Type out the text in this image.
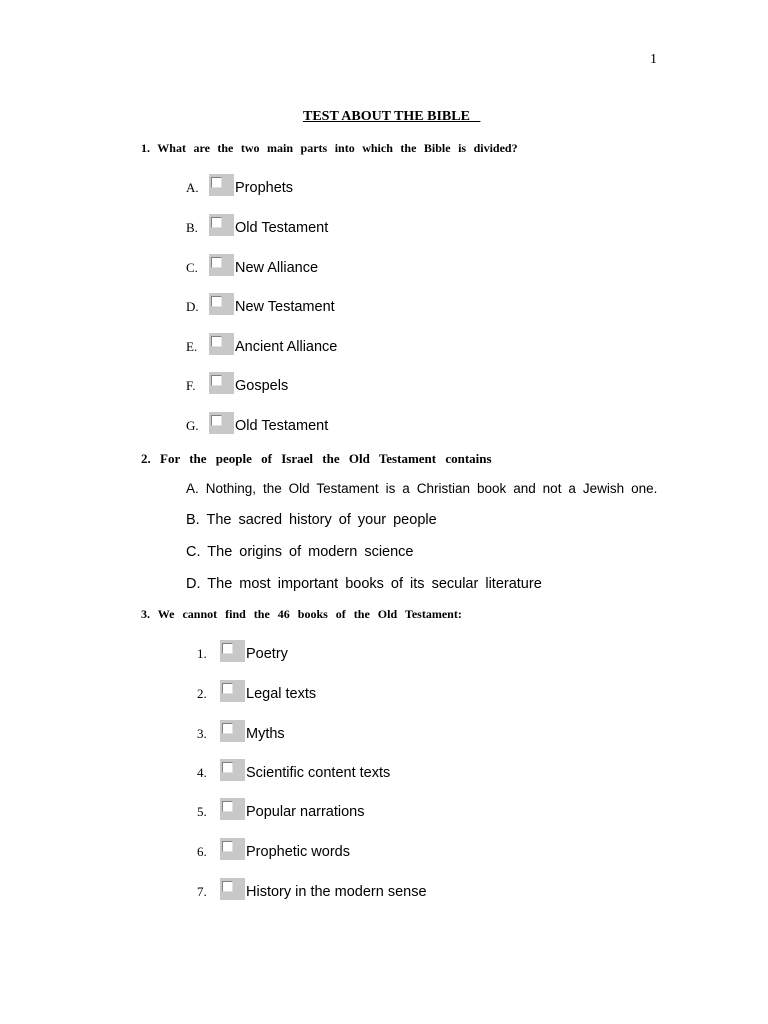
1
TEST ABOUT THE BIBLE
1. What are the two main parts into which the Bible is divided?
A.	Prophets
B.	Old Testament
C.	New Alliance
D.	New Testament
E.	Ancient Alliance
F.	Gospels
G.	Old Testament
2. For the people of Israel the Old Testament contains
A. Nothing, the Old Testament is a Christian book and not a Jewish one.
B. The sacred history of your people
C. The origins of modern science
D. The most important books of its secular literature
3. We cannot find the 46 books of the Old Testament:
1.	Poetry
2.	Legal texts
3.	Myths
4.	Scientific content texts
5.	Popular narrations
6.	Prophetic words
7.	History in the modern sense
